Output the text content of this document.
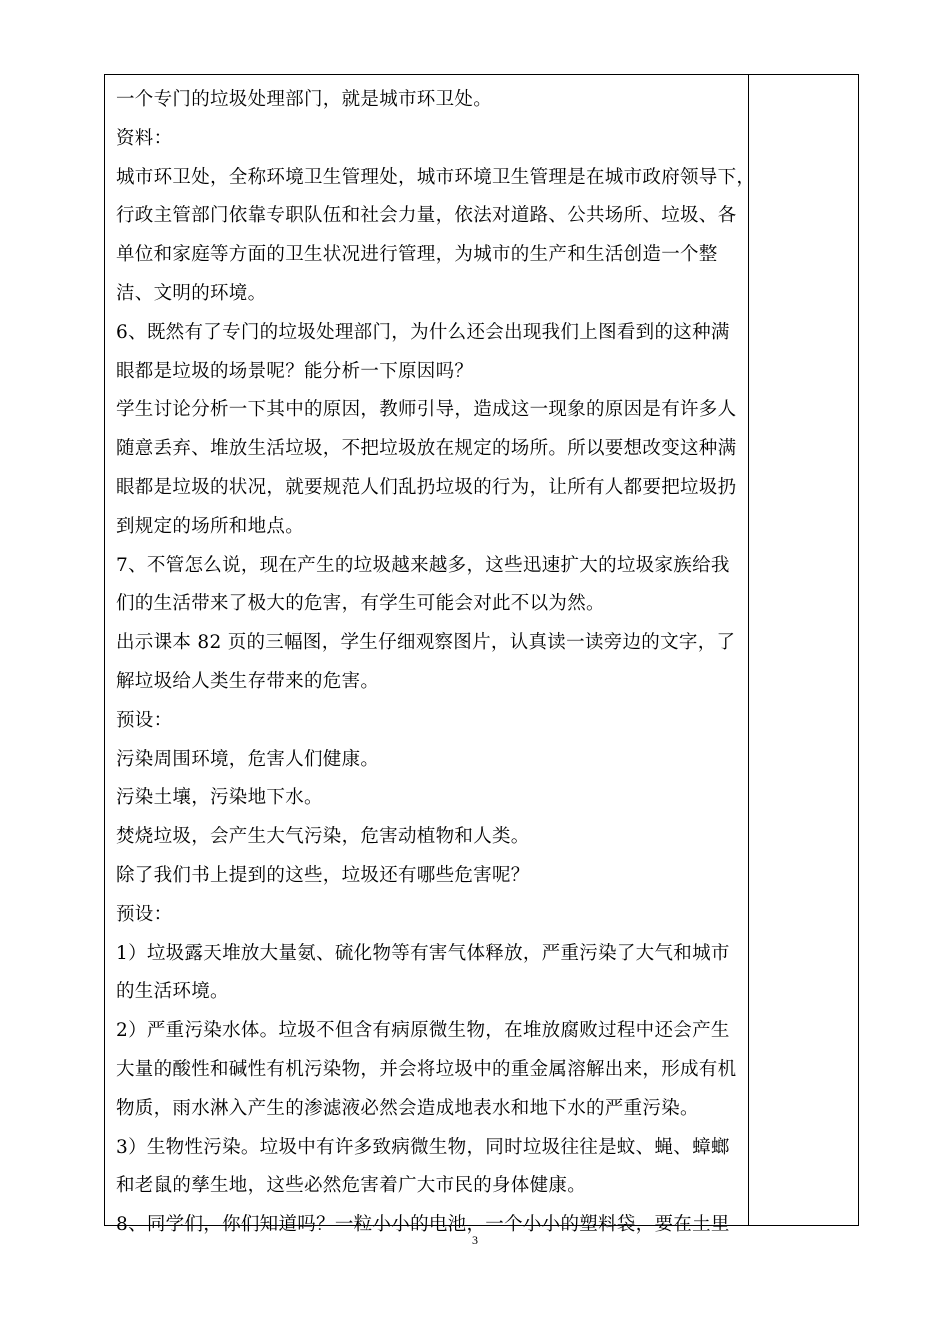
一个专门的垃圾处理部门，就是城市环卫处。

资料：

城市环卫处，全称环境卫生管理处，城市环境卫生管理是在城市政府领导下，

行政主管部门依靠专职队伍和社会力量，依法对道路、公共场所、垃圾、各

单位和家庭等方面的卫生状况进行管理，为城市的生产和生活创造一个整

洁、文明的环境。

6、既然有了专门的垃圾处理部门，为什么还会出现我们上图看到的这种满

眼都是垃圾的场景呢？能分析一下原因吗？

学生讨论分析一下其中的原因，教师引导，造成这一现象的原因是有许多人

随意丢弃、堆放生活垃圾，不把垃圾放在规定的场所。所以要想改变这种满

眼都是垃圾的状况，就要规范人们乱扔垃圾的行为，让所有人都要把垃圾扔

到规定的场所和地点。

7、不管怎么说，现在产生的垃圾越来越多，这些迅速扩大的垃圾家族给我

们的生活带来了极大的危害，有学生可能会对此不以为然。

出示课本 82 页的三幅图，学生仔细观察图片，认真读一读旁边的文字，了

解垃圾给人类生存带来的危害。

预设：

污染周围环境，危害人们健康。

污染土壤，污染地下水。

焚烧垃圾，会产生大气污染，危害动植物和人类。

除了我们书上提到的这些，垃圾还有哪些危害呢？

预设：

1）垃圾露天堆放大量氨、硫化物等有害气体释放，严重污染了大气和城市

的生活环境。

2）严重污染水体。垃圾不但含有病原微生物，在堆放腐败过程中还会产生

大量的酸性和碱性有机污染物，并会将垃圾中的重金属溶解出来，形成有机

物质，雨水淋入产生的渗滤液必然会造成地表水和地下水的严重污染。

3）生物性污染。垃圾中有许多致病微生物，同时垃圾往往是蚊、蝇、蟑螂

和老鼠的孳生地，这些必然危害着广大市民的身体健康。

8、同学们，你们知道吗？一粒小小的电池，一个小小的塑料袋，要在土里

3
